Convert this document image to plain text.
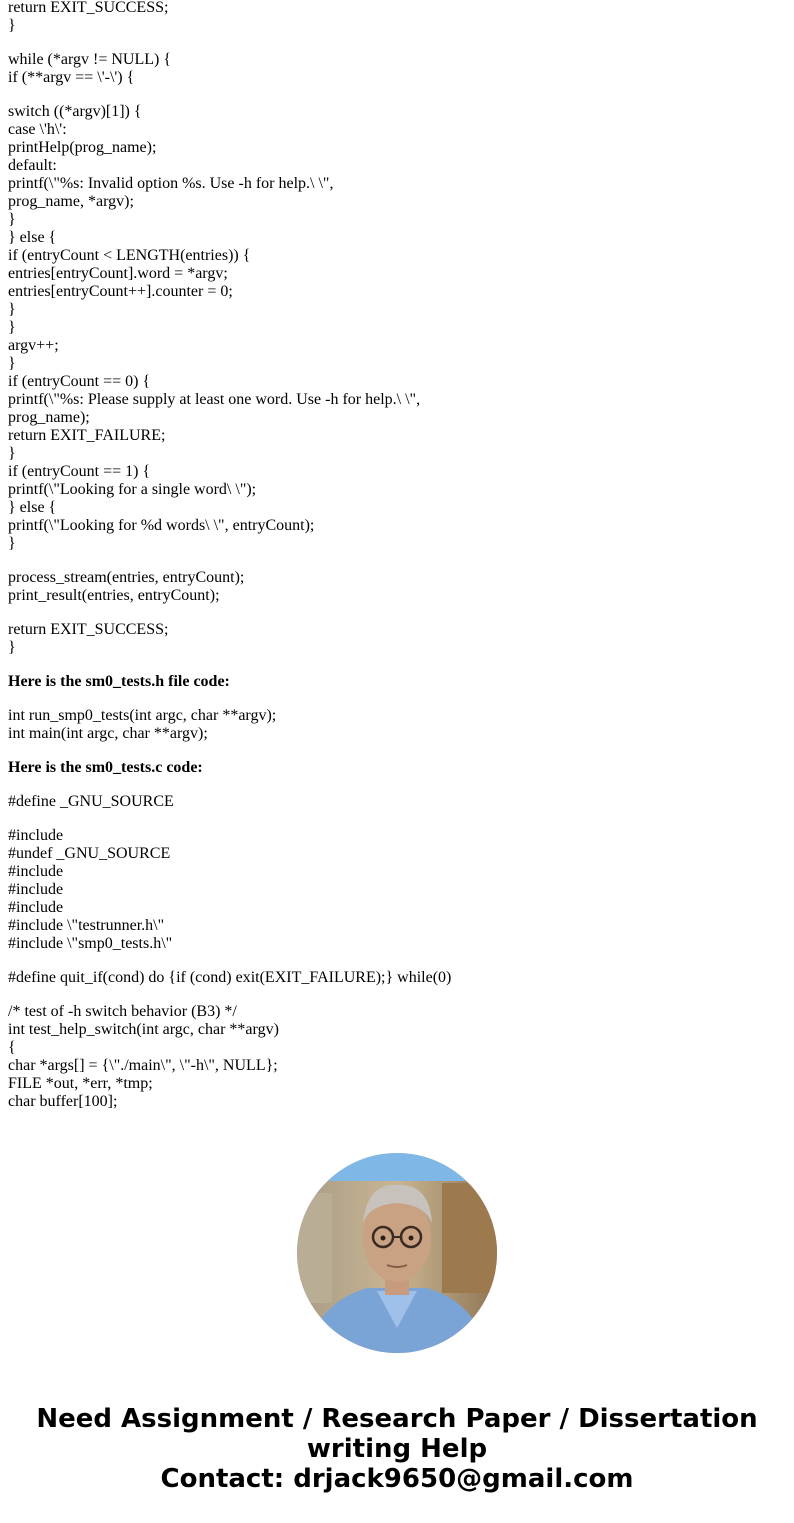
return EXIT_SUCCESS;
}
while (*argv != NULL) {
if (**argv == \'-\') {
switch ((*argv)[1]) {
case \'h\':
printHelp(prog_name);
default:
printf(\"%s: Invalid option %s. Use -h for help.\ \",
prog_name, *argv);
}
} else {
if (entryCount < LENGTH(entries)) {
entries[entryCount].word = *argv;
entries[entryCount++].counter = 0;
}
}
argv++;
}
if (entryCount == 0) {
printf(\"%s: Please supply at least one word. Use -h for help.\ \",
prog_name);
return EXIT_FAILURE;
}
if (entryCount == 1) {
printf(\"Looking for a single word\ \");
} else {
printf(\"Looking for %d words\ \", entryCount);
}
process_stream(entries, entryCount);
print_result(entries, entryCount);
return EXIT_SUCCESS;
}
Here is the sm0_tests.h file code:
int run_smp0_tests(int argc, char **argv);
int main(int argc, char **argv);
Here is the sm0_tests.c code:
#define _GNU_SOURCE
#include
#undef _GNU_SOURCE
#include
#include
#include
#include \"testrunner.h\"
#include \"smp0_tests.h\"
#define quit_if(cond) do {if (cond) exit(EXIT_FAILURE);} while(0)
/* test of -h switch behavior (B3) */
int test_help_switch(int argc, char **argv)
{
char *args[] = {\"./main\", \"-h\", NULL};
FILE *out, *err, *tmp;
char buffer[100];
Need Assignment / Research Paper / Dissertation
writing Help
Contact: drjack9650@gmail.com
